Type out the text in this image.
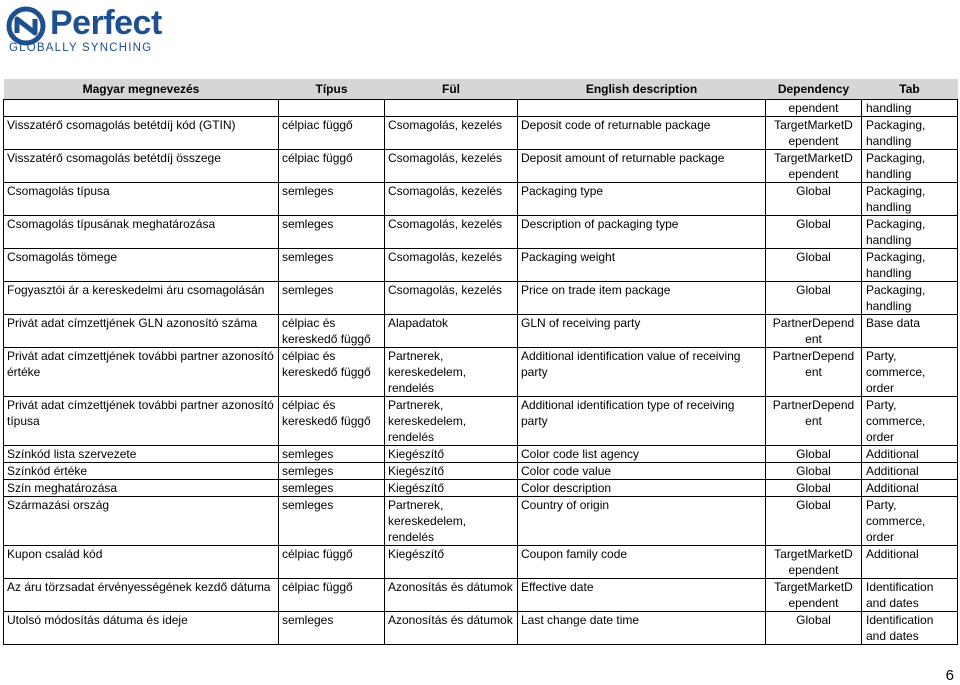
Perfect
GLOBALLY SYNCHING
Magyar megnevezés	Típus	Fül	English description	Dependency	Tab
				ependent	handling
Visszatérő csomagolás betétdíj kód (GTIN)	célpiac függő	Csomagolás, kezelés	Deposit code of returnable package	TargetMarketD ependent	Packaging, handling
Visszatérő csomagolás betétdíj összege	célpiac függő	Csomagolás, kezelés	Deposit amount of returnable package	TargetMarketD ependent	Packaging, handling
Csomagolás típusa	semleges	Csomagolás, kezelés	Packaging type	Global	Packaging, handling
Csomagolás típusának meghatározása	semleges	Csomagolás, kezelés	Description of packaging type	Global	Packaging, handling
Csomagolás tömege	semleges	Csomagolás, kezelés	Packaging weight	Global	Packaging, handling
Fogyasztói ár a kereskedelmi áru csomagolásán	semleges	Csomagolás, kezelés	Price on trade item package	Global	Packaging, handling
Privát adat címzettjének GLN azonosító száma	célpiac és kereskedő függő	Alapadatok	GLN of receiving party	PartnerDepend ent	Base data
Privát adat címzettjének további partner azonosító értéke	célpiac és kereskedő függő	Partnerek, kereskedelem, rendelés	Additional identification value of receiving party	PartnerDepend ent	Party, commerce, order
Privát adat címzettjének további partner azonosító típusa	célpiac és kereskedő függő	Partnerek, kereskedelem, rendelés	Additional identification type of receiving party	PartnerDepend ent	Party, commerce, order
Színkód lista szervezete	semleges	Kiegészítő	Color code list agency	Global	Additional
Színkód értéke	semleges	Kiegészítő	Color code value	Global	Additional
Szín meghatározása	semleges	Kiegészítő	Color description	Global	Additional
Származási ország	semleges	Partnerek, kereskedelem, rendelés	Country of origin	Global	Party, commerce, order
Kupon család kód	célpiac függő	Kiegészítő	Coupon family code	TargetMarketD ependent	Additional
Az áru törzsadat érvényességének kezdő dátuma	célpiac függő	Azonosítás és dátumok	Effective date	TargetMarketD ependent	Identification and dates
Utolsó módosítás dátuma és ideje	semleges	Azonosítás és dátumok	Last change date time	Global	Identification and dates
6
